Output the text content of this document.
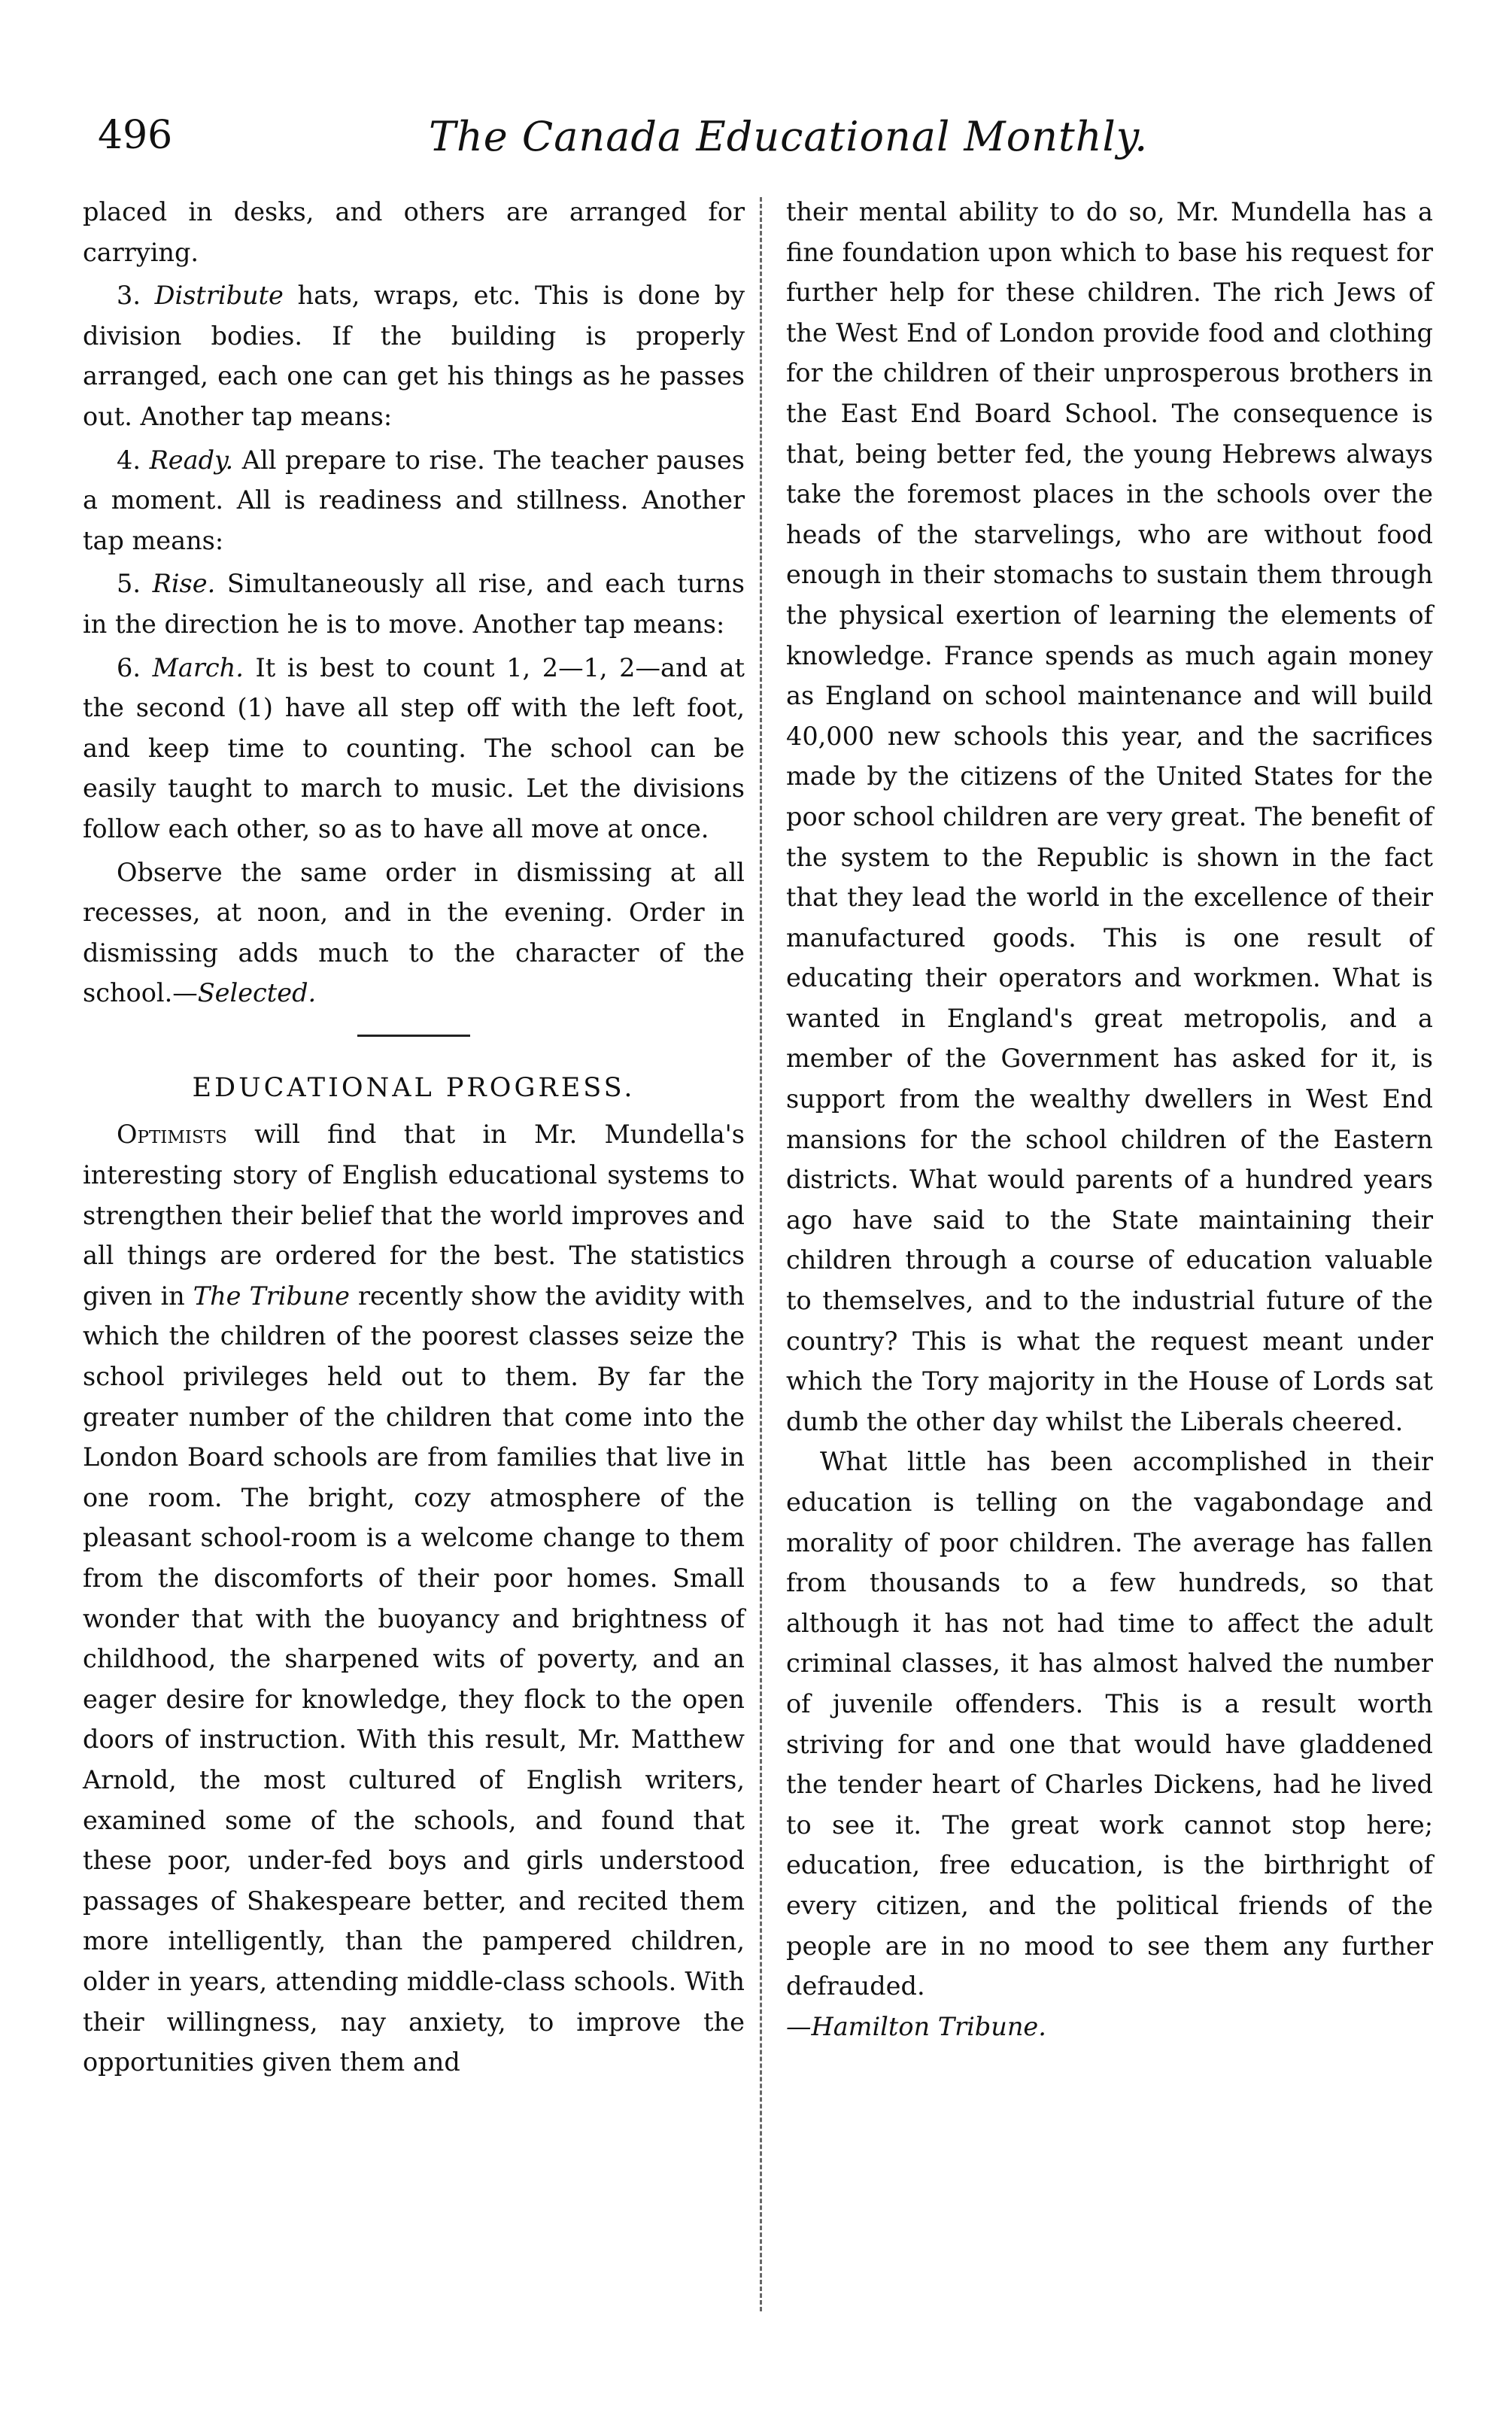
496	The Canada Educational Monthly.

placed in desks, and others are arranged for carrying.

3. Distribute hats, wraps, etc. This is done by division bodies. If the building is properly arranged, each one can get his things as he passes out. Another tap means:

4. Ready. All prepare to rise. The teacher pauses a moment. All is readiness and stillness. Another tap means:

5. Rise. Simultaneously all rise, and each turns in the direction he is to move. Another tap means:

6. March. It is best to count 1, 2—1, 2—and at the second (1) have all step off with the left foot, and keep time to counting. The school can be easily taught to march to music. Let the divisions follow each other, so as to have all move at once.

Observe the same order in dismissing at all recesses, at noon, and in the evening. Order in dismissing adds much to the character of the school.—Selected.

EDUCATIONAL PROGRESS.

Optimists will find that in Mr. Mundella's interesting story of English educational systems to strengthen their belief that the world improves and all things are ordered for the best. The statistics given in The Tribune recently show the avidity with which the children of the poorest classes seize the school privileges held out to them. By far the greater number of the children that come into the London Board schools are from families that live in one room. The bright, cozy atmosphere of the pleasant school-room is a welcome change to them from the discomforts of their poor homes. Small wonder that with the buoyancy and brightness of childhood, the sharpened wits of poverty, and an eager desire for knowledge, they flock to the open doors of instruction. With this result, Mr. Matthew Arnold, the most cultured of English writers, examined some of the schools, and found that these poor, under-fed boys and girls understood passages of Shakespeare better, and recited them more intelligently, than the pampered children, older in years, attending middle-class schools. With their willingness, nay anxiety, to improve the opportunities given them and

their mental ability to do so, Mr. Mundella has a fine foundation upon which to base his request for further help for these children. The rich Jews of the West End of London provide food and clothing for the children of their unprosperous brothers in the East End Board School. The consequence is that, being better fed, the young Hebrews always take the foremost places in the schools over the heads of the starvelings, who are without food enough in their stomachs to sustain them through the physical exertion of learning the elements of knowledge. France spends as much again money as England on school maintenance and will build 40,000 new schools this year, and the sacrifices made by the citizens of the United States for the poor school children are very great. The benefit of the system to the Republic is shown in the fact that they lead the world in the excellence of their manufactured goods. This is one result of educating their operators and workmen. What is wanted in England's great metropolis, and a member of the Government has asked for it, is support from the wealthy dwellers in West End mansions for the school children of the Eastern districts. What would parents of a hundred years ago have said to the State maintaining their children through a course of education valuable to themselves, and to the industrial future of the country? This is what the request meant under which the Tory majority in the House of Lords sat dumb the other day whilst the Liberals cheered.

What little has been accomplished in their education is telling on the vagabondage and morality of poor children. The average has fallen from thousands to a few hundreds, so that although it has not had time to affect the adult criminal classes, it has almost halved the number of juvenile offenders. This is a result worth striving for and one that would have gladdened the tender heart of Charles Dickens, had he lived to see it. The great work cannot stop here; education, free education, is the birthright of every citizen, and the political friends of the people are in no mood to see them any further defrauded.

—Hamilton Tribune.
